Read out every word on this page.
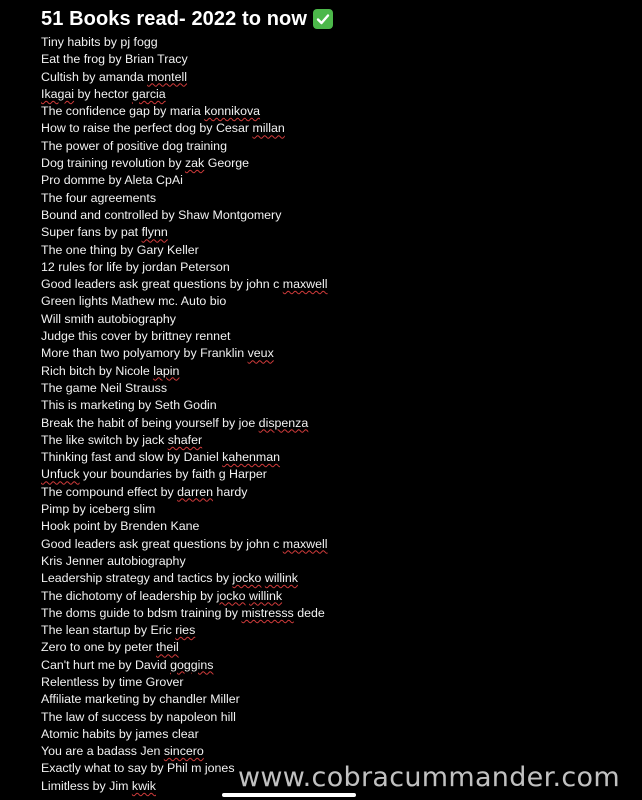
51 Books read- 2022 to now
Tiny habits by pj fogg
Eat the frog by Brian Tracy
Cultish by amanda montell
Ikagai by hector garcia
The confidence gap by maria konnikova
How to raise the perfect dog by Cesar millan
The power of positive dog training
Dog training revolution by zak George
Pro domme by Aleta CpAi
The four agreements
Bound and controlled by Shaw Montgomery
Super fans by pat flynn
The one thing by Gary Keller
12 rules for life by jordan Peterson
Good leaders ask great questions by john c maxwell
Green lights Mathew mc. Auto bio
Will smith autobiography
Judge this cover by brittney rennet
More than two polyamory by Franklin veux
Rich bitch by Nicole lapin
The game Neil Strauss
This is marketing by Seth Godin
Break the habit of being yourself by joe dispenza
The like switch by jack shafer
Thinking fast and slow by Daniel kahenman
Unfuck your boundaries by faith g Harper
The compound effect by darren hardy
Pimp by iceberg slim
Hook point by Brenden Kane
Good leaders ask great questions by john c maxwell
Kris Jenner autobiography
Leadership strategy and tactics by jocko willink
The dichotomy of leadership by jocko willink
The doms guide to bdsm training by mistresss dede
The lean startup by Eric ries
Zero to one by peter theil
Can't hurt me by David goggins
Relentless by time Grover
Affiliate marketing by chandler Miller
The law of success by napoleon hill
Atomic habits by james clear
You are a badass Jen sincero
Exactly what to say by Phil m jones
Limitless by Jim kwik	www.cobracummander.com
